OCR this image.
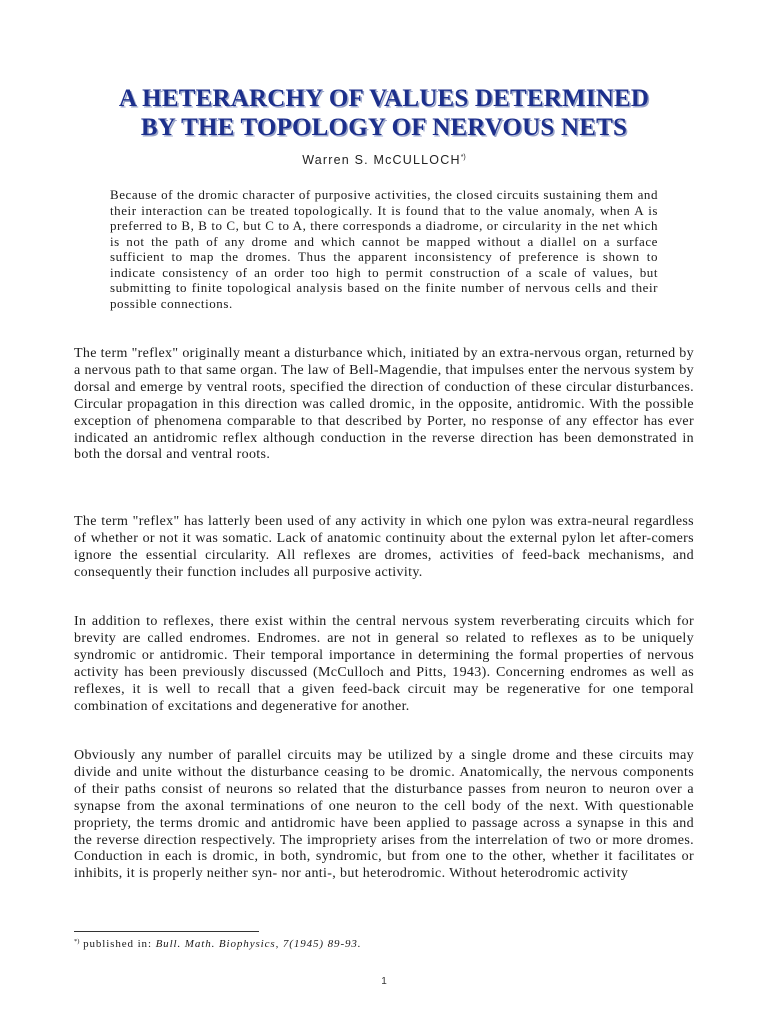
A HETERARCHY OF VALUES DETERMINED
BY THE TOPOLOGY OF NERVOUS NETS
Warren S. McCULLOCH*)

Because of the dromic character of purposive activities, the closed circuits sustaining them and their interaction can be treated topologically. It is found that to the value anomaly, when A is preferred to B, B to C, but C to A, there corresponds a diadrome, or circularity in the net which is not the path of any drome and which cannot be mapped without a diallel on a surface sufficient to map the dromes. Thus the apparent inconsistency of preference is shown to indicate consistency of an order too high to permit construction of a scale of values, but submitting to finite topological analysis based on the finite number of nervous cells and their possible connections.

The term "reflex" originally meant a disturbance which, initiated by an extra-nervous organ, returned by a nervous path to that same organ. The law of Bell-Magendie, that impulses enter the nervous system by dorsal and emerge by ventral roots, specified the direction of conduction of these circular disturbances. Circular propagation in this direction was called dromic, in the opposite, antidromic. With the possible exception of phenomena comparable to that described by Porter, no response of any effector has ever indicated an antidromic reflex although conduction in the reverse direction has been demonstrated in both the dorsal and ventral roots.

The term "reflex" has latterly been used of any activity in which one pylon was extra-neural regardless of whether or not it was somatic. Lack of anatomic continuity about the external pylon let after-comers ignore the essential circularity. All reflexes are dromes, activities of feed-back mechanisms, and consequently their function includes all purposive activity.

In addition to reflexes, there exist within the central nervous system reverberating circuits which for brevity are called endromes. Endromes. are not in general so related to reflexes as to be uniquely syndromic or antidromic. Their temporal importance in determining the formal properties of nervous activity has been previously discussed (McCulloch and Pitts, 1943). Concerning endromes as well as reflexes, it is well to recall that a given feed-back circuit may be regenerative for one temporal combination of excitations and degenerative for another.

Obviously any number of parallel circuits may be utilized by a single drome and these circuits may divide and unite without the disturbance ceasing to be dromic. Anatomically, the nervous components of their paths consist of neurons so related that the disturbance passes from neuron to neuron over a synapse from the axonal terminations of one neuron to the cell body of the next. With questionable propriety, the terms dromic and antidromic have been applied to passage across a synapse in this and the reverse direction respectively. The impropriety arises from the interrelation of two or more dromes. Conduction in each is dromic, in both, syndromic, but from one to the other, whether it facilitates or inhibits, it is properly neither syn- nor anti-, but heterodromic. Without heterodromic activity

*) published in: Bull. Math. Biophysics, 7(1945) 89-93.

1
